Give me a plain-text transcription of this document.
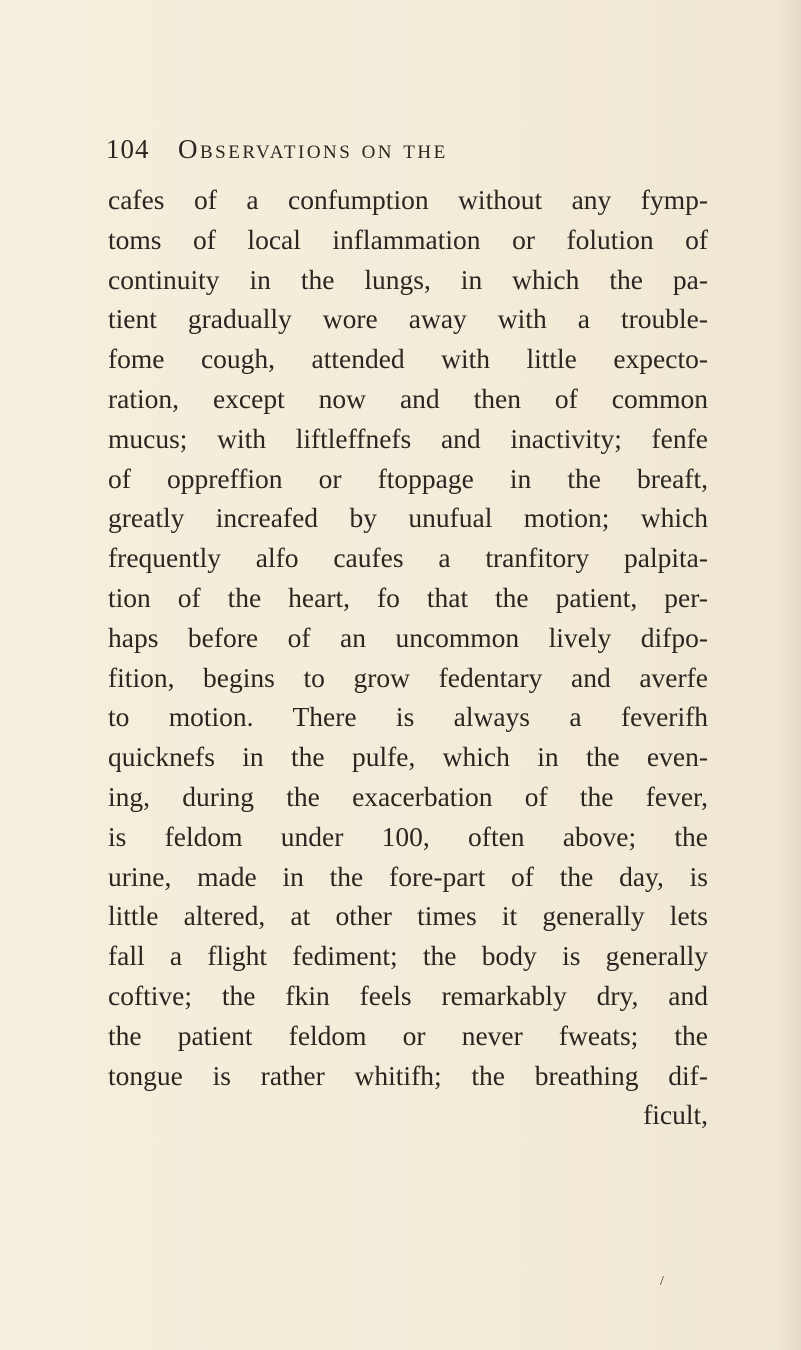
104 Observations on the
cafes of a confumption without any fymp-
toms of local inflammation or folution of
continuity in the lungs, in which the pa-
tient gradually wore away with a trouble-
fome cough, attended with little expecto-
ration, except now and then of common
mucus; with liftleffnefs and inactivity; fenfe
of oppreffion or ftoppage in the breaft,
greatly increafed by unufual motion; which
frequently alfo caufes a tranfitory palpita-
tion of the heart, fo that the patient, per-
haps before of an uncommon lively difpo-
fition, begins to grow fedentary and averfe
to motion. There is always a feverifh
quicknefs in the pulfe, which in the even-
ing, during the exacerbation of the fever,
is feldom under 100, often above; the
urine, made in the fore-part of the day, is
little altered, at other times it generally lets
fall a flight fediment; the body is generally
coftive; the fkin feels remarkably dry, and
the patient feldom or never fweats; the
tongue is rather whitifh; the breathing dif-
ficult,
/
